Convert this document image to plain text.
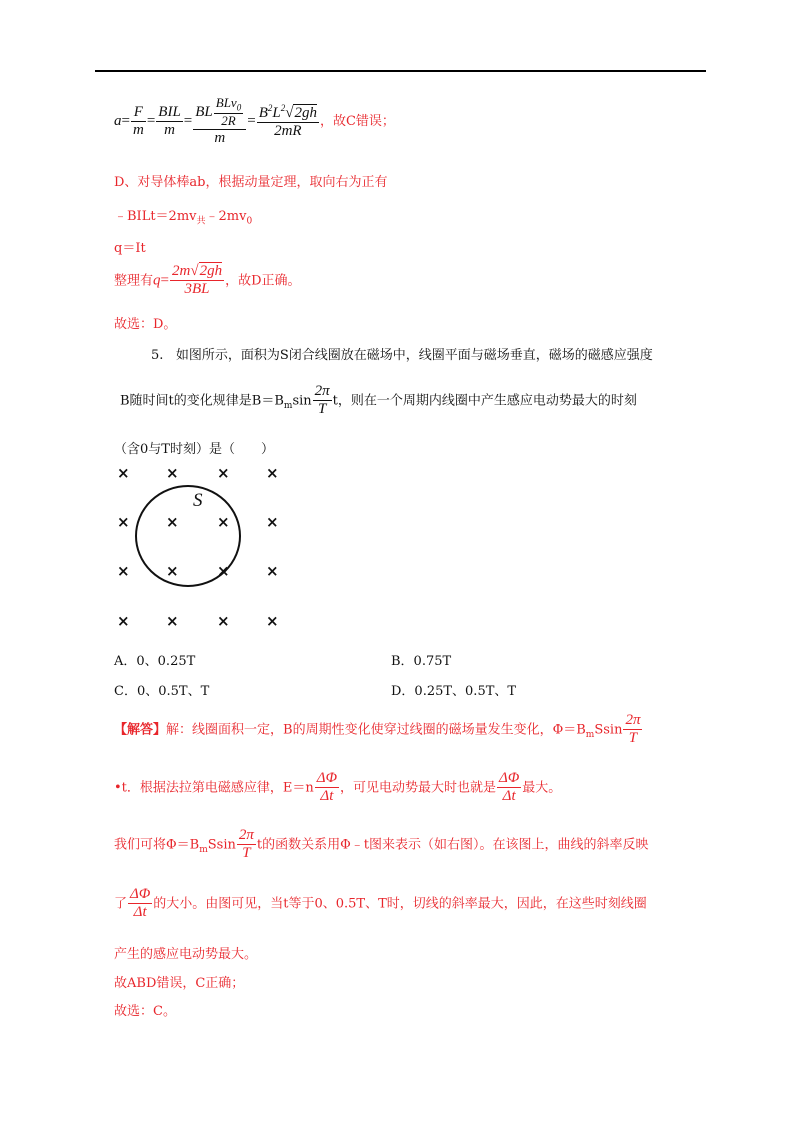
$a= \frac{F}{m} = \frac{\text{BIL}}{m} = \frac{BL \frac{BLv_0}{2R}}{m} = \frac{B^2L^2√2gh}{2mR}$ ，故C错误；
D、对导体棒ab，根据动量定理，取向右为正有
$﹣BILt=2mv_共﹣2mv_0$
q＝It
整理有$q= \frac{2m√2gh}{3BL}$ ，故D正确。
故选：D。
5. 如图所示，面积为S闭合线圈放在磁场中，线圈平面与磁场垂直，磁场的磁感应强度
B随时间t的变化规律是$B=B_m\sin \frac{2\pi}{T}$ t，则在一个周期内线圈中产生感应电动势最大的时刻
（含0与T时刻）是（　　）
× ×	× ×
× ×	× ×
× ×	× ×
× ×	× ×
S
A．0、0.25T	B．0.75T
C．0、0.5T、T	D．0.25T、0.5T、T
【解答】解：线圈面积一定，B的周期性变化使穿过线圈的磁场量发生变化，$\Phi=B_mSsin \frac{2\pi}{T}$
•t．根据法拉第电磁感应律，$E=n \frac{\Delta\Phi}{\Delta t}$ ，可见电动势最大时也就是 $\frac{\Delta\Phi}{\Delta t}$ 最大。
我们可将$\Phi=B_mSsin \frac{2\pi}{T}$ t的函数关系用Φ﹣t图来表示（如右图）。在该图上，曲线的斜率反映
了 $\frac{\Delta\Phi}{\Delta t}$ 的大小。由图可见，当t等于0、0.5T、T时，切线的斜率最大，因此，在这些时刻线圈
产生的感应电动势最大。
故ABD错误，C正确；
故选：C。
